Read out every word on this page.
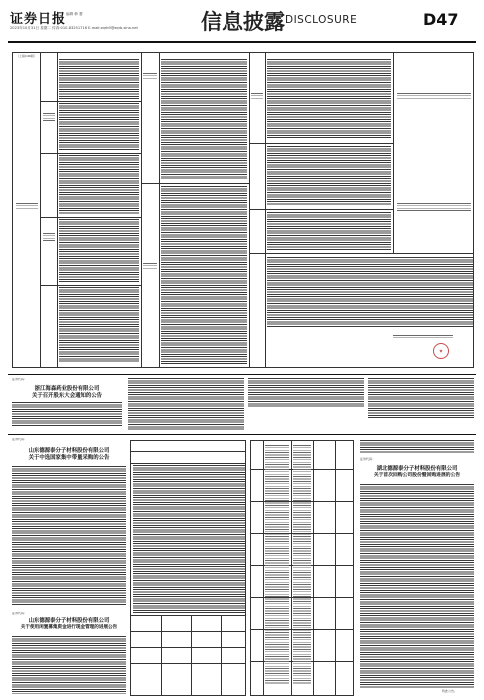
证券日报 编辑 韩 蕾
2023年10月31日 星期二 传真:010-83251716 E-mail:zqrb9@zqrb.sina.net	信息披露 DISCLOSURE	D47
（上接C46版）
证券代码:
浙江海森药业股份有限公司
关于召开股东大会通知的公告
证券代码:
山东德源泰分子材料股份有限公司
关于中选国家集中带量采购的公告
证券代码:
山东德源泰分子材料股份有限公司
关于使用闲置募集资金进行现金管理的进展公告
证券代码:
湖北德源泰分子材料股份有限公司
关于首次回购公司股份暨回购进展的公告
特此公告。
